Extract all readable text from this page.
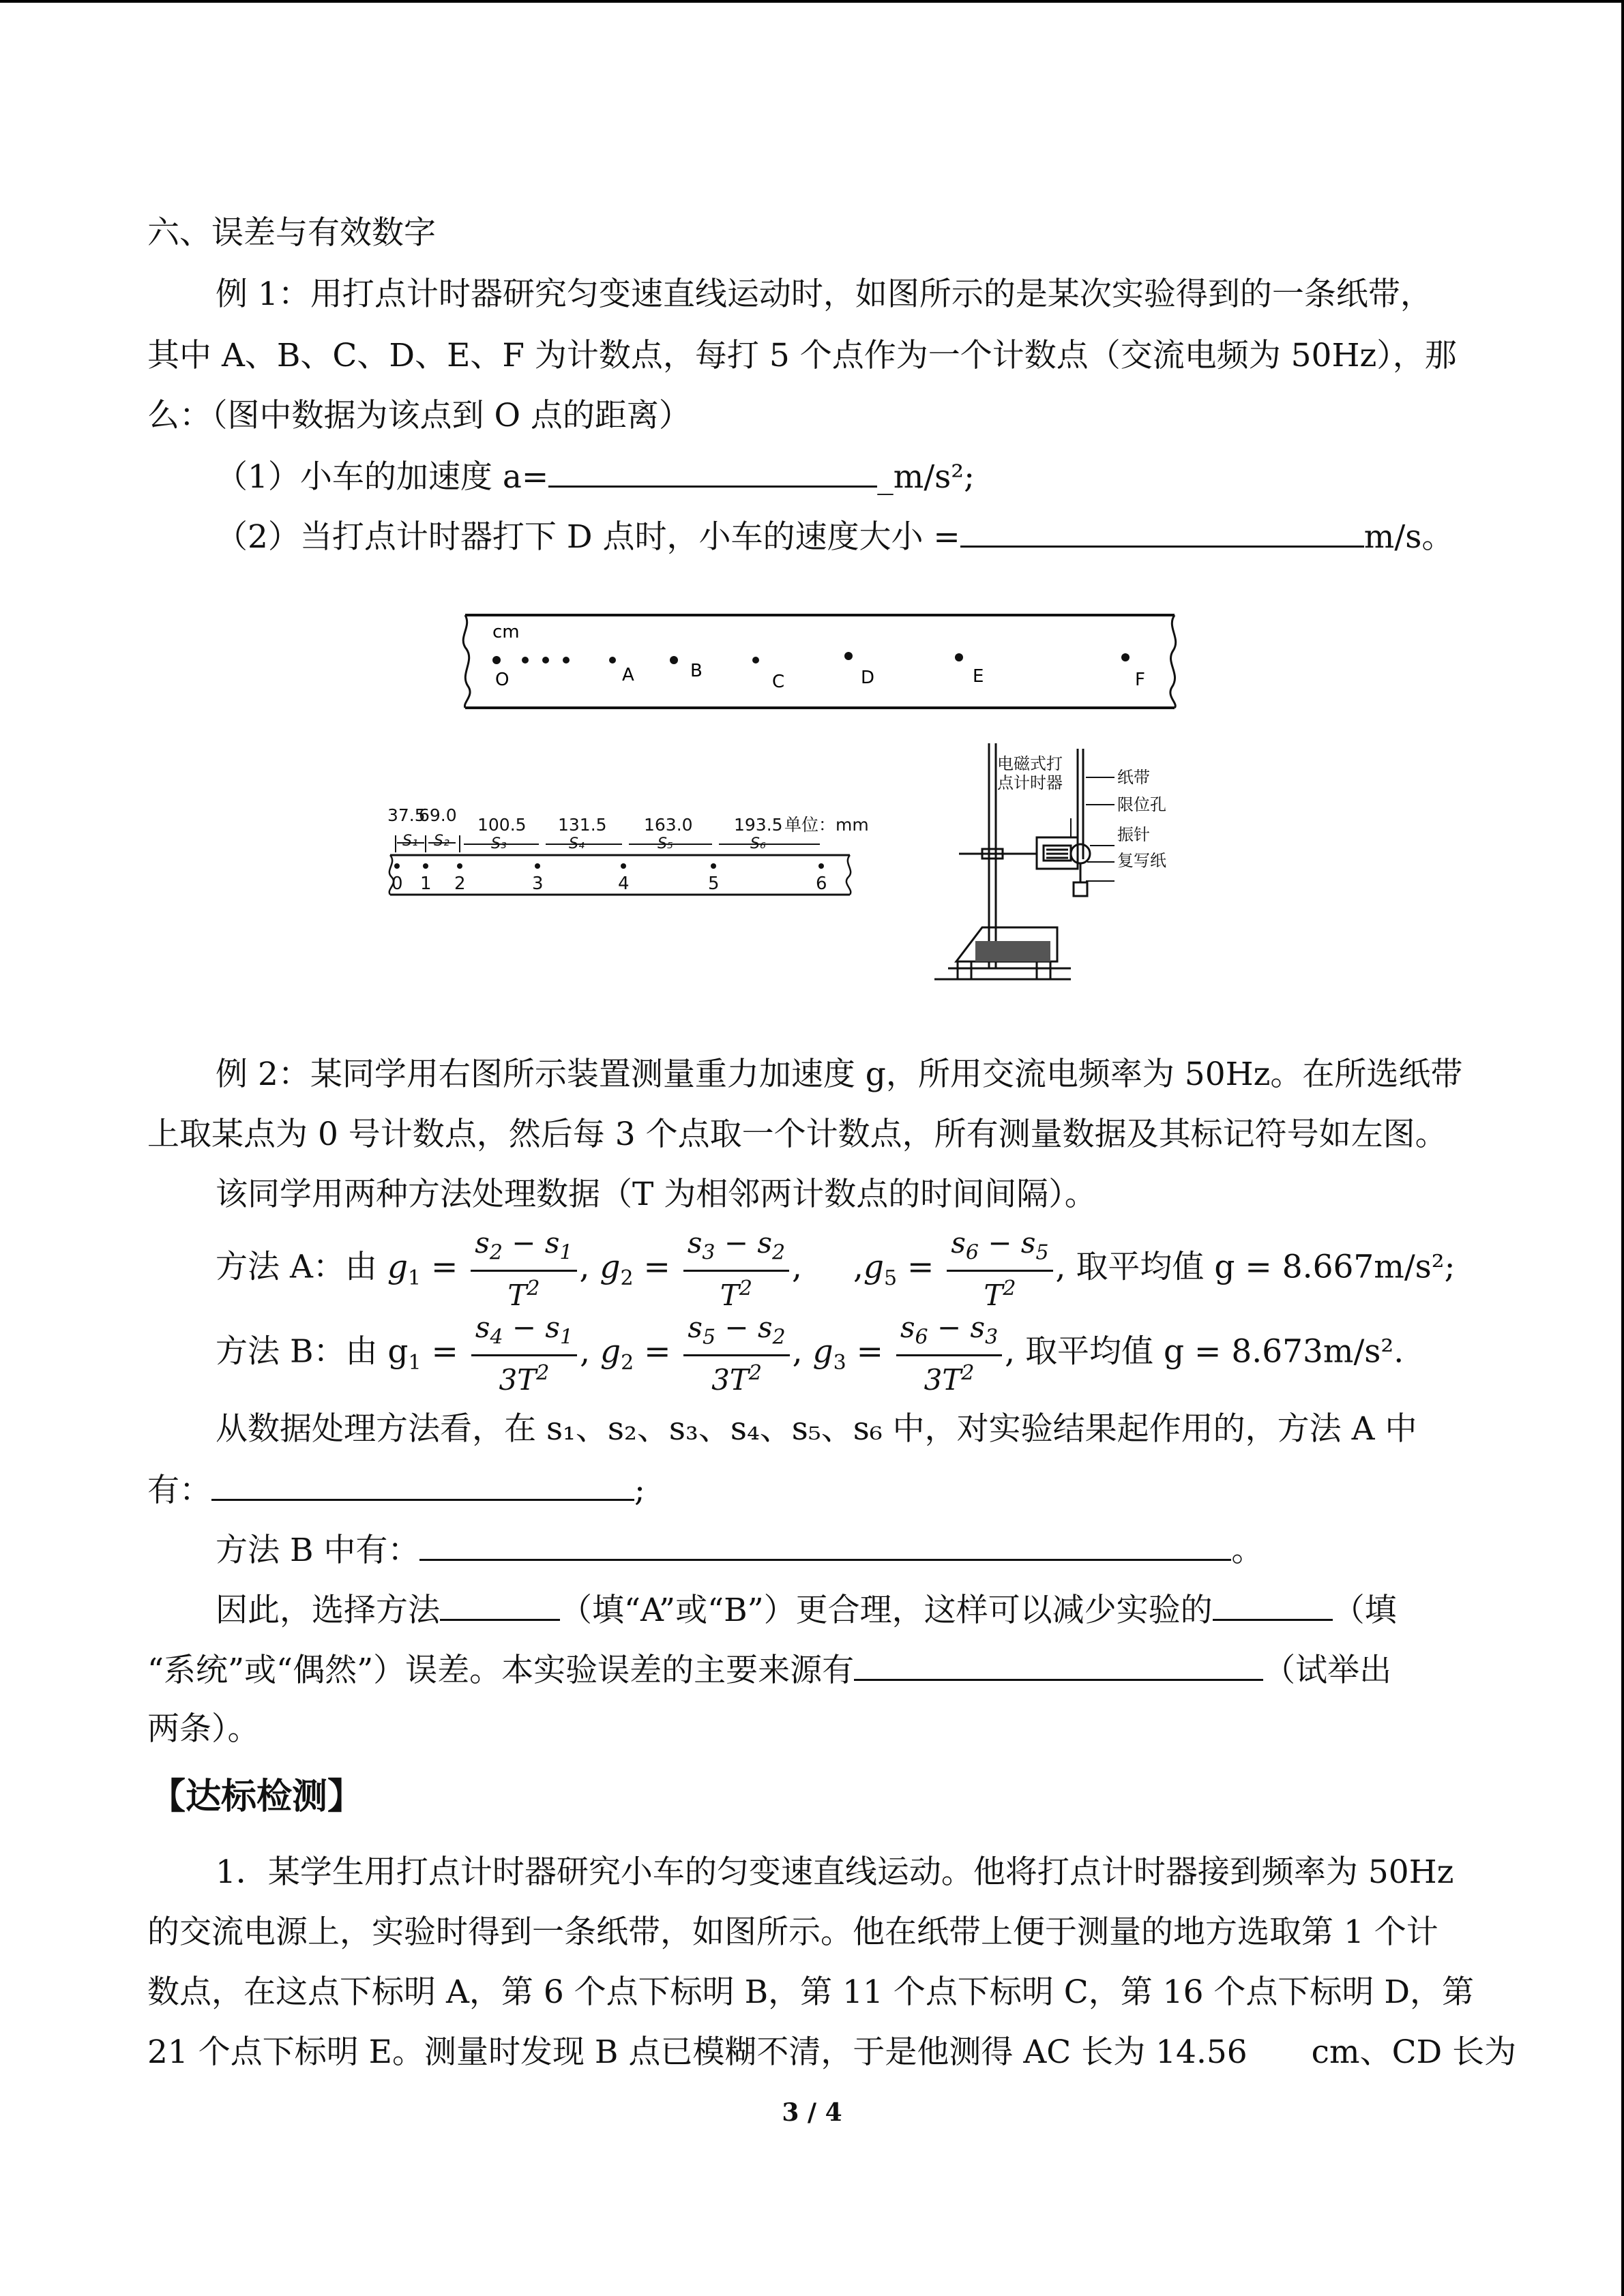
六、误差与有效数字
例 1：用打点计时器研究匀变速直线运动时，如图所示的是某次实验得到的一条纸带，
其中 A、B、C、D、E、F 为计数点，每打 5 个点作为一个计数点（交流电频为 50Hz），那
么：（图中数据为该点到 O 点的距离）
（1）小车的加速度 a=	_m/s²;
（2）当打点计时器打下 D 点时，小车的速度大小 =	m/s。
cm
O	A	B
C	D	E	F
37.5
69.0 100.5 131.5 163.0 193.5 单位：mm
S₁ S₂	S₃	S₄	S₅	S₆
0 1 2	3	4	5	6
电磁式打
点计时器	纸带
限位孔
振针
复写纸
例 2：某同学用右图所示装置测量重力加速度 g，所用交流电频率为 50Hz。在所选纸带
上取某点为 0 号计数点，然后每 3 个点取一个计数点，所有测量数据及其标记符号如左图。
该同学用两种方法处理数据（T 为相邻两计数点的时间间隔）。
方法 A：由 $g_1 = \frac{s_2 - s_1}{T^2}$ , $g_2 = \frac{s_3 - s_2}{T^2}$ , $,g_5 = \frac{s_6 - s_5}{T^2}$ , 取平均值 g = 8.667m/s²;
方法 B：由 $g_1 = \frac{s_4 - s_1}{3T^2}$ , $g_2 = \frac{s_5 - s_2}{3T^2}$ , $g_3 = \frac{s_6 - s_3}{3T^2}$ , 取平均值 g = 8.673m/s².
从数据处理方法看，在 s₁、s₂、s₃、s₄、s₅、s₆ 中，对实验结果起作用的，方法 A 中
有：	;
方法 B 中有：	。
因此，选择方法	（填“A”或“B”）更合理，这样可以减少实验的	（填
“系统”或“偶然”）误差。本实验误差的主要来源有	（试举出
两条）。
【达标检测】
1．某学生用打点计时器研究小车的匀变速直线运动。他将打点计时器接到频率为 50Hz
的交流电源上，实验时得到一条纸带，如图所示。他在纸带上便于测量的地方选取第 1 个计
数点，在这点下标明 A，第 6 个点下标明 B，第 11 个点下标明 C，第 16 个点下标明 D，第
21 个点下标明 E。测量时发现 B 点已模糊不清，于是他测得 AC 长为 14.56　　cm、CD 长为
3 / 4
